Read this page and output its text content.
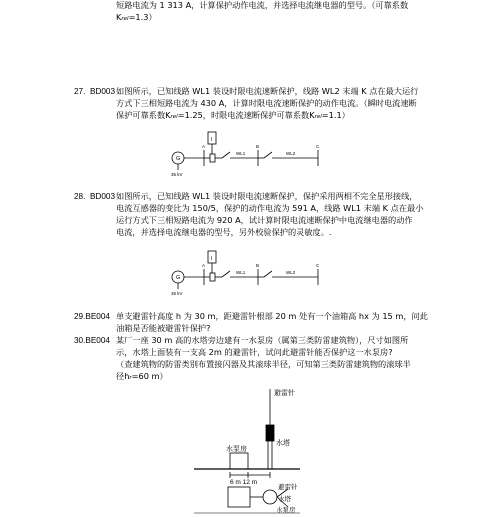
短路电流为 1 313 A，计算保护动作电流，并选择电流继电器的型号。（可靠系数
Krel=1.3）
27. BD003 如图所示，已知线路 WL1 装设时限电流速断保护，线路 WL2 末端 K 点在最大运行
方式下三相短路电流为 430 A，计算时限电流速断保护的动作电流。（瞬时电流速断
保护可靠系数Krel=1.25，时限电流速断保护可靠系数Krel=1.1）
G
35 kV
I
A	B	C
WL1	WL2
28. BD003 如图所示，已知线路 WL1 装设时限电流速断保护，保护采用两相不完全星形接线，
电流互感器的变比为 150/5，保护的动作电流为 591 A，线路 WL1 末端 K 点在最小
运行方式下三相短路电流为 920 A，试计算时限电流速断保护中电流继电器的动作
电流，并选择电流继电器的型号，另外校验保护的灵敏度。.
G
35 kV
I
A	B	C
WL1	WL2
29.BE004 单支避雷针高度 h 为 30 m，距避雷针根部 20 m 处有一个油箱高 hx 为 15 m，问此
油箱是否能被避雷针保护?
30.BE004 某厂一座 30 m 高的水塔旁边建有一水泵房（属第三类防雷建筑物），尺寸如图所
示，水塔上面装有一支高 2m 的避雷针，试问此避雷针能否保护这一水泵房?
（查建筑物的防雷类别布置接闪器及其滚球半径，可知第三类防雷建筑物的滚球半
径hr=60 m）
避雷针
水塔
水泵房
6 m 12 m
避雷针
水塔
水泵房
